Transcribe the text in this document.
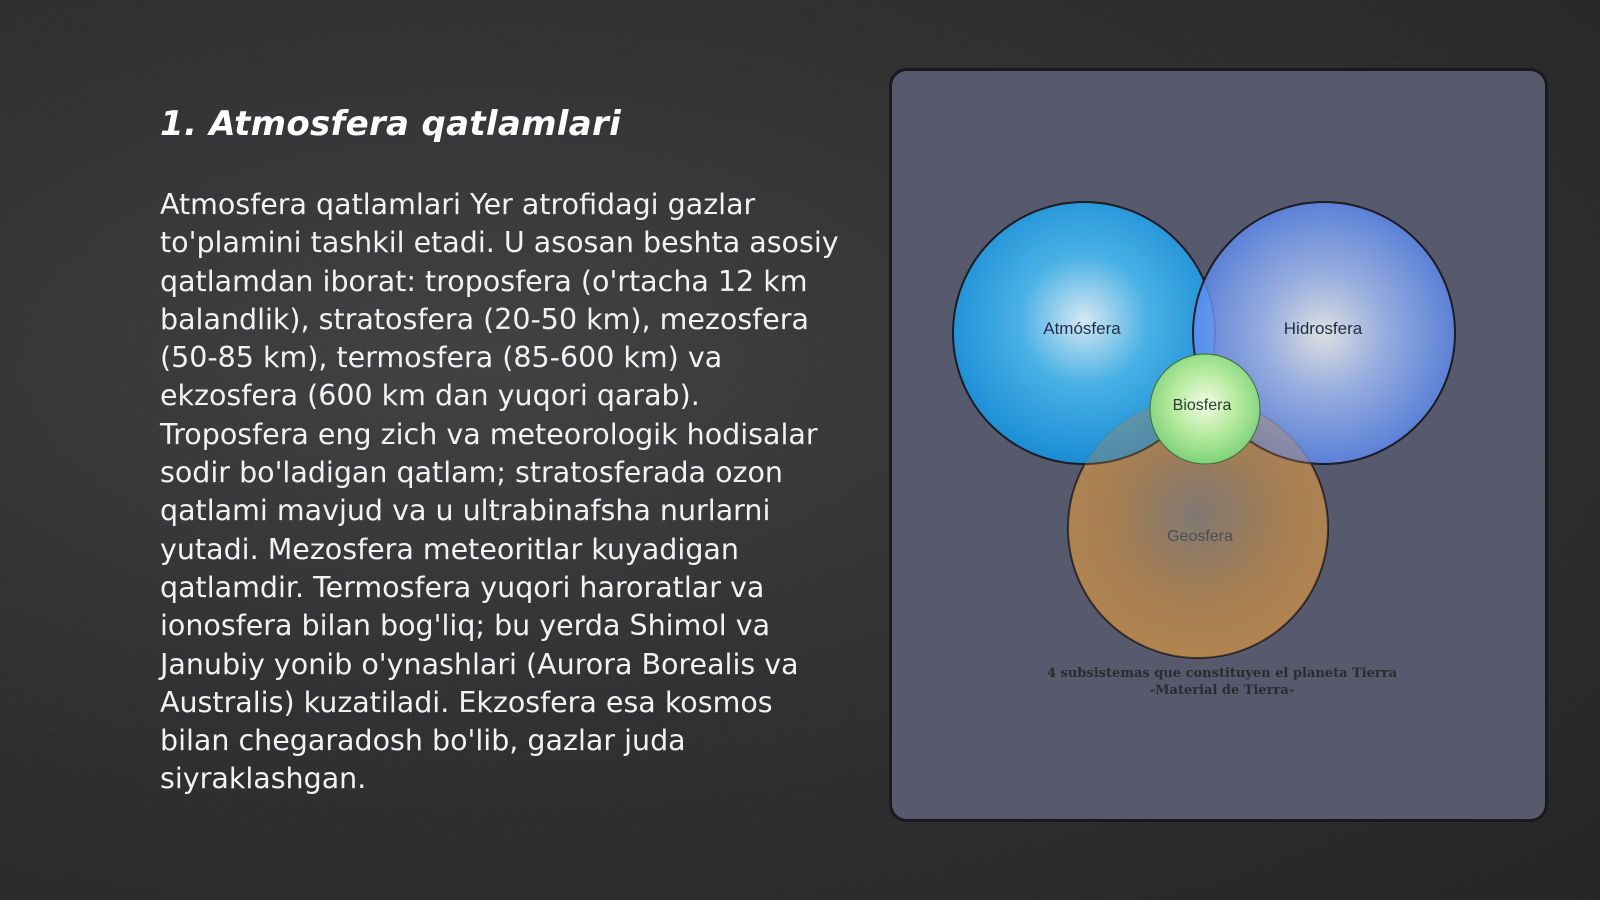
1. Atmosfera qatlamlari

Atmosfera qatlamlari Yer atrofidagi gazlar to'plamini tashkil etadi. U asosan beshta asosiy qatlamdan iborat: troposfera (o'rtacha 12 km balandlik), stratosfera (20-50 km), mezosfera (50-85 km), termosfera (85-600 km) va ekzosfera (600 km dan yuqori qarab). Troposfera eng zich va meteorologik hodisalar sodir bo'ladigan qatlam; stratosferada ozon qatlami mavjud va u ultrabinafsha nurlarni yutadi. Mezosfera meteoritlar kuyadigan qatlamdir. Termosfera yuqori haroratlar va ionosfera bilan bog'liq; bu yerda Shimol va Janubiy yonib o'ynashlari (Aurora Borealis va Australis) kuzatiladi. Ekzosfera esa kosmos bilan chegaradosh bo'lib, gazlar juda siyraklashgan.

Atmósfera	Hidrosfera
Biosfera
Geosfera
4 subsistemas que constituyen el planeta Tierra
-Material de Tierra-
